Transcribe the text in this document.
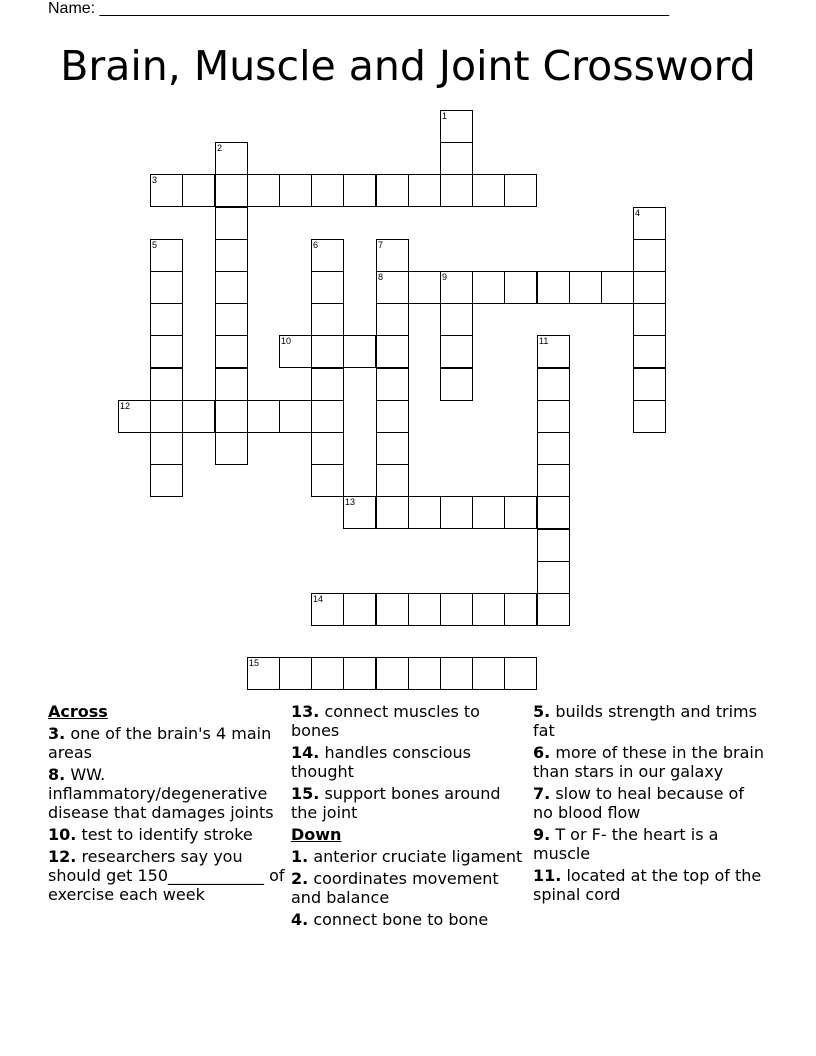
Name: ________________________________________________________________
Brain, Muscle and Joint Crossword
3
8	9
10
12
13
14
15
1
2
4
5	6	7
11
Across
3. one of the brain's 4 main areas
8. WW. inflammatory/degenerative disease that damages joints
10. test to identify stroke
12. researchers say you should get 150____________ of exercise each week
13. connect muscles to bones
14. handles conscious thought
15. support bones around the joint
Down
1. anterior cruciate ligament
2. coordinates movement and balance
4. connect bone to bone
5. builds strength and trims fat
6. more of these in the brain than stars in our galaxy
7. slow to heal because of no blood flow
9. T or F- the heart is a muscle
11. located at the top of the spinal cord
